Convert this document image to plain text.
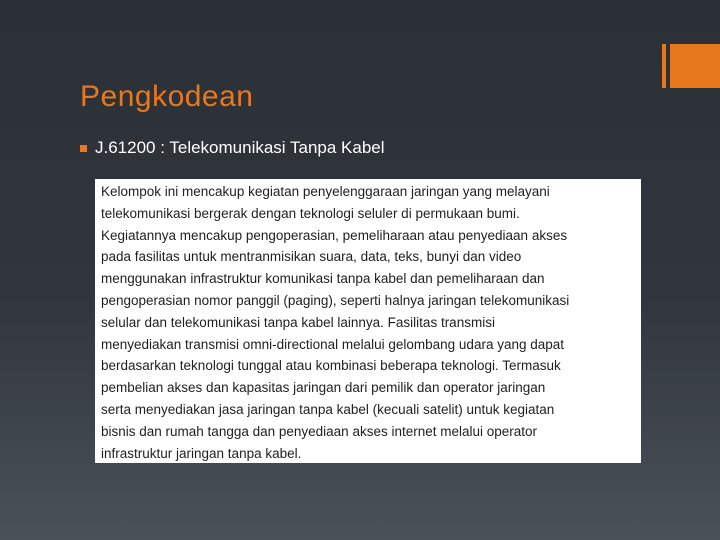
Pengkodean
J.61200 : Telekomunikasi Tanpa Kabel
Kelompok ini mencakup kegiatan penyelenggaraan jaringan yang melayani
telekomunikasi bergerak dengan teknologi seluler di permukaan bumi.
Kegiatannya mencakup pengoperasian, pemeliharaan atau penyediaan akses
pada fasilitas untuk mentranmisikan suara, data, teks, bunyi dan video
menggunakan infrastruktur komunikasi tanpa kabel dan pemeliharaan dan
pengoperasian nomor panggil (paging), seperti halnya jaringan telekomunikasi
selular dan telekomunikasi tanpa kabel lainnya. Fasilitas transmisi
menyediakan transmisi omni-directional melalui gelombang udara yang dapat
berdasarkan teknologi tunggal atau kombinasi beberapa teknologi. Termasuk
pembelian akses dan kapasitas jaringan dari pemilik dan operator jaringan
serta menyediakan jasa jaringan tanpa kabel (kecuali satelit) untuk kegiatan
bisnis dan rumah tangga dan penyediaan akses internet melalui operator
infrastruktur jaringan tanpa kabel.
